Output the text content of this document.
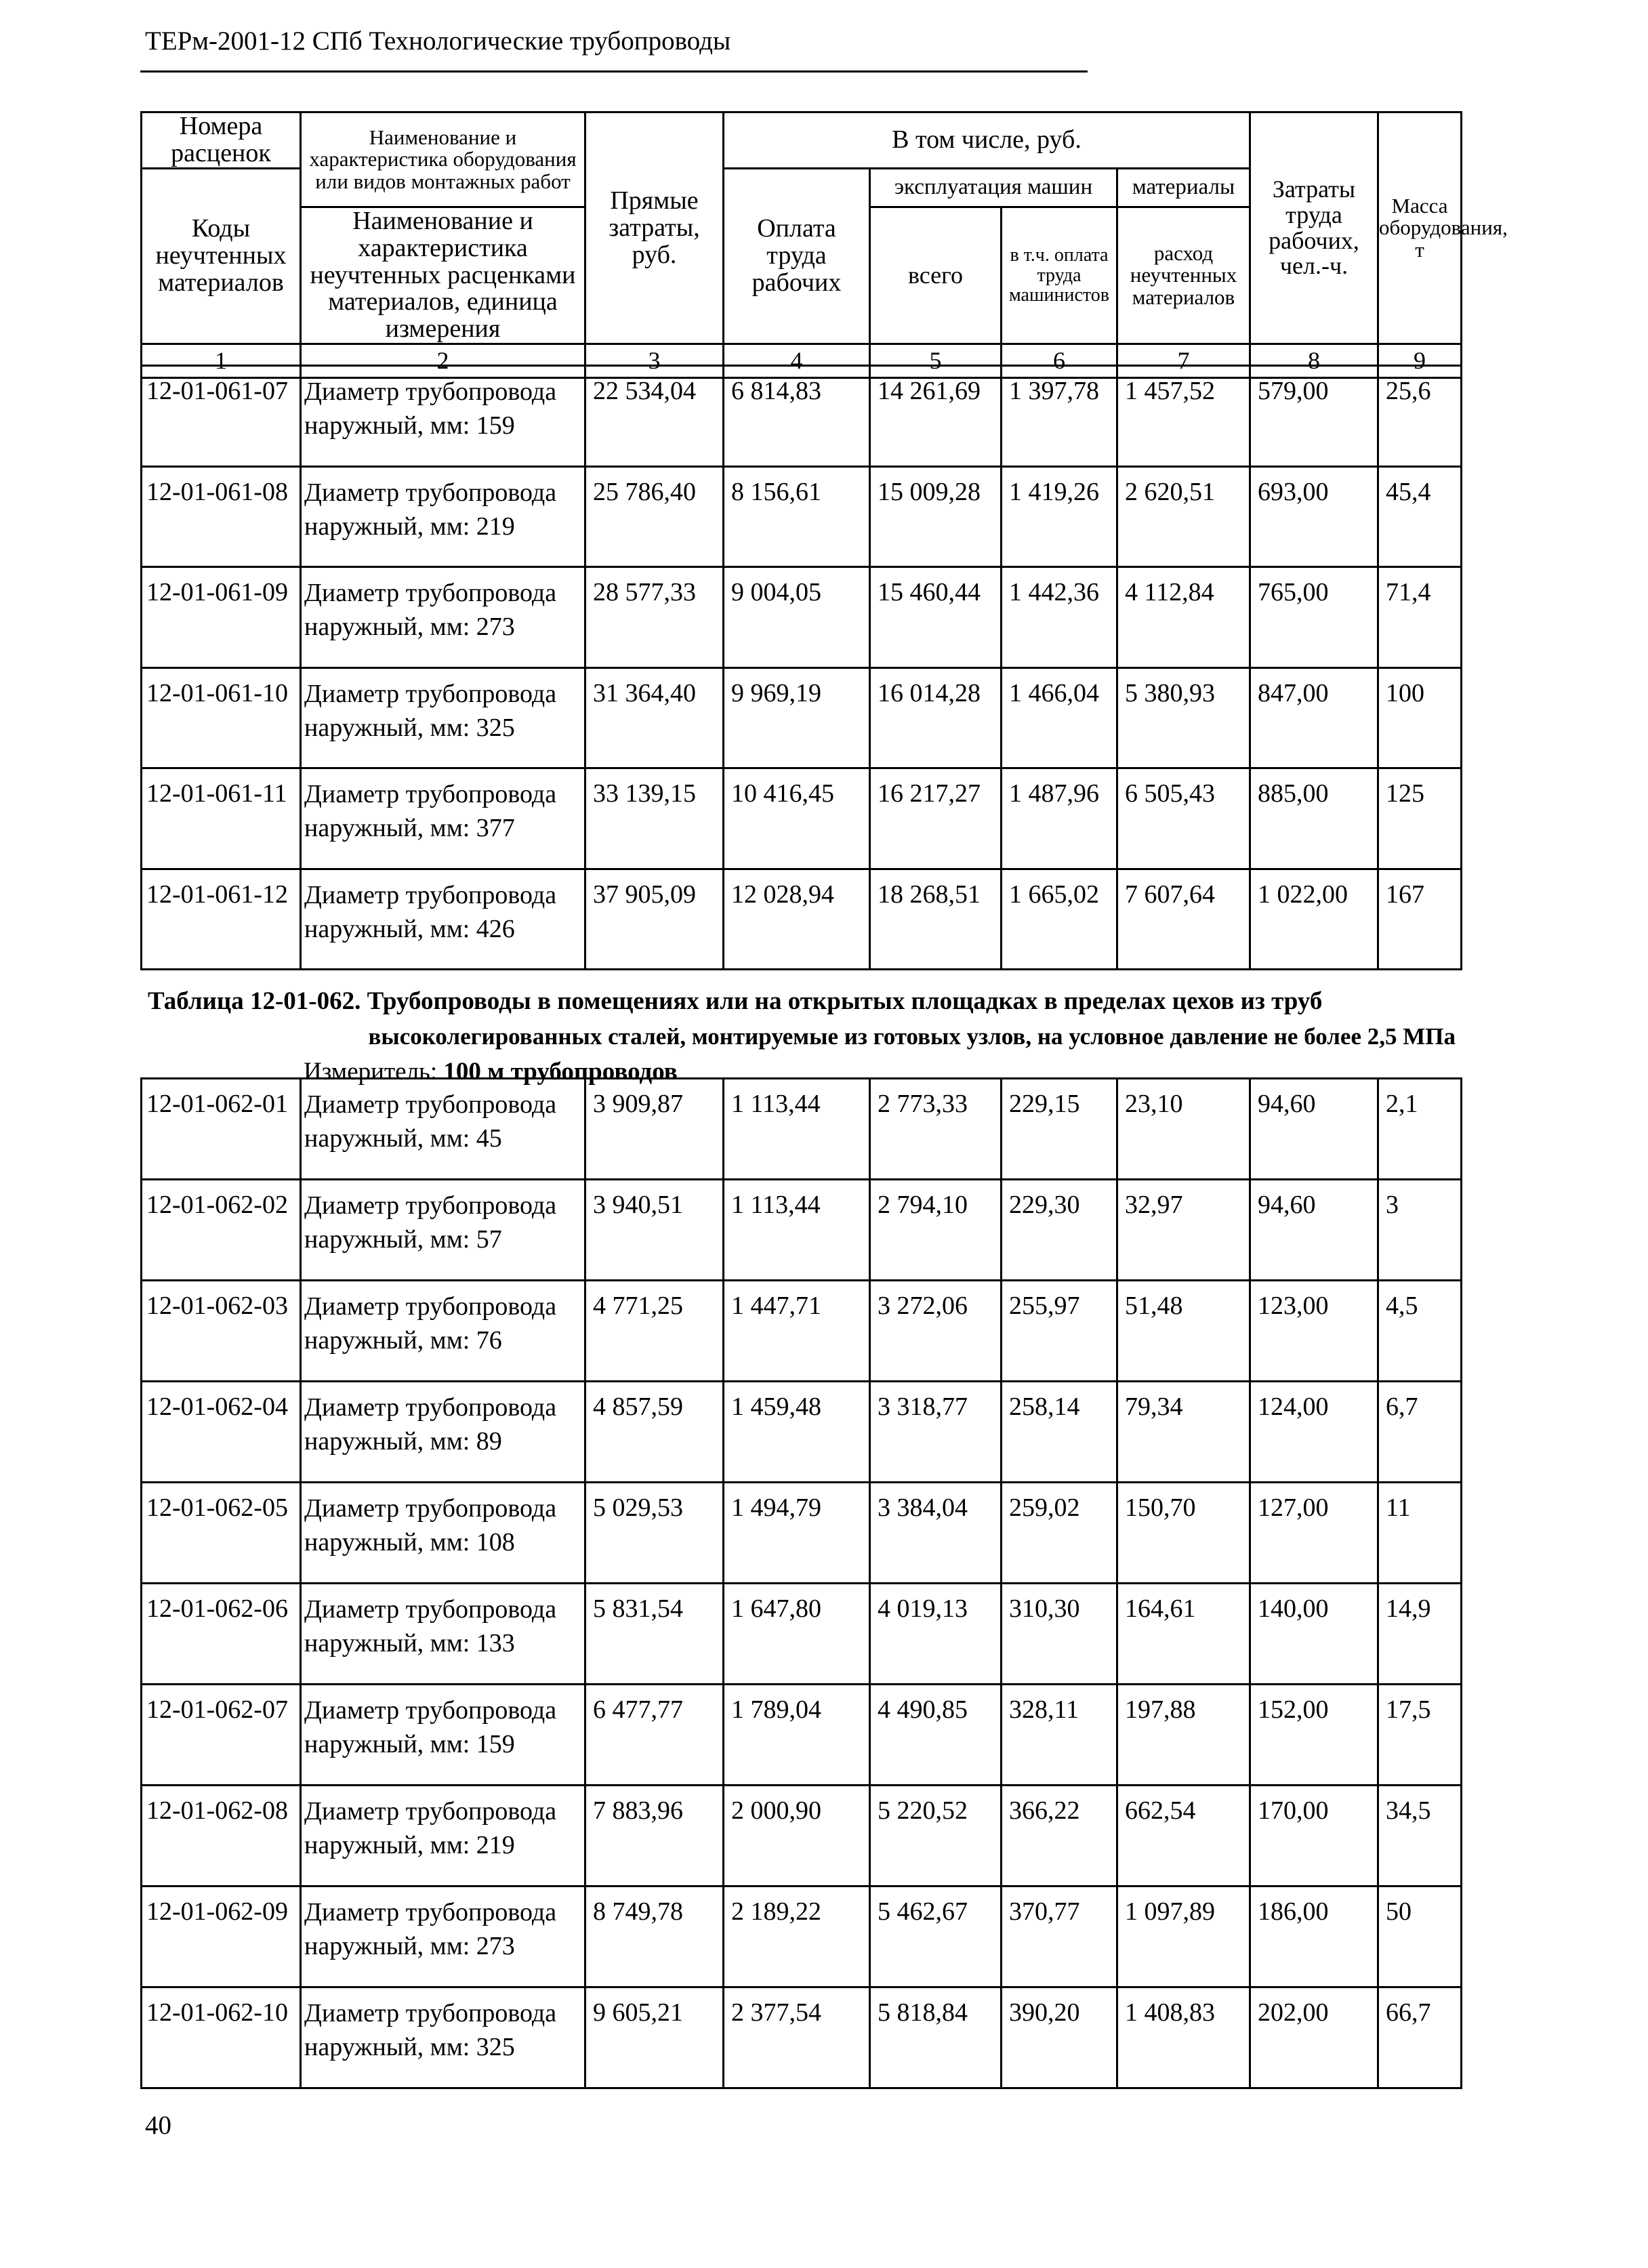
ТЕРм-2001-12 СПб Технологические трубопроводы
Номера расценок	Наименование и характеристика оборудования или видов монтажных работ	Прямые затраты, руб.	В том числе, руб.				Затраты труда рабочих, чел.-ч.	Масса оборудования, т
Коды неучтенных материалов			Оплата труда рабочих	эксплуатация машин		материалы		
	Наименование и характеристика неучтенных расценками материалов, единица измерения			всего	в т.ч. оплата труда машинистов	расход неучтенных материалов		

1	2	3	4	5	6	7	8	9
12-01-061-07	Диаметр трубопровода наружный, мм: 159	22 534,04	6 814,83	14 261,69	1 397,78	1 457,52	579,00	25,6
12-01-061-08	Диаметр трубопровода наружный, мм: 219	25 786,40	8 156,61	15 009,28	1 419,26	2 620,51	693,00	45,4
12-01-061-09	Диаметр трубопровода наружный, мм: 273	28 577,33	9 004,05	15 460,44	1 442,36	4 112,84	765,00	71,4
12-01-061-10	Диаметр трубопровода наружный, мм: 325	31 364,40	9 969,19	16 014,28	1 466,04	5 380,93	847,00	100
12-01-061-11	Диаметр трубопровода наружный, мм: 377	33 139,15	10 416,45	16 217,27	1 487,96	6 505,43	885,00	125
12-01-061-12	Диаметр трубопровода наружный, мм: 426	37 905,09	12 028,94	18 268,51	1 665,02	7 607,64	1 022,00	167
Таблица 12-01-062. Трубопроводы в помещениях или на открытых площадках в пределах цехов из труб
высоколегированных сталей, монтируемые из готовых узлов, на условное давление не более 2,5 МПа
Измеритель: 100 м трубопроводов
12-01-062-01	Диаметр трубопровода наружный, мм: 45	3 909,87	1 113,44	2 773,33	229,15	23,10	94,60	2,1
12-01-062-02	Диаметр трубопровода наружный, мм: 57	3 940,51	1 113,44	2 794,10	229,30	32,97	94,60	3
12-01-062-03	Диаметр трубопровода наружный, мм: 76	4 771,25	1 447,71	3 272,06	255,97	51,48	123,00	4,5
12-01-062-04	Диаметр трубопровода наружный, мм: 89	4 857,59	1 459,48	3 318,77	258,14	79,34	124,00	6,7
12-01-062-05	Диаметр трубопровода наружный, мм: 108	5 029,53	1 494,79	3 384,04	259,02	150,70	127,00	11
12-01-062-06	Диаметр трубопровода наружный, мм: 133	5 831,54	1 647,80	4 019,13	310,30	164,61	140,00	14,9
12-01-062-07	Диаметр трубопровода наружный, мм: 159	6 477,77	1 789,04	4 490,85	328,11	197,88	152,00	17,5
12-01-062-08	Диаметр трубопровода наружный, мм: 219	7 883,96	2 000,90	5 220,52	366,22	662,54	170,00	34,5
12-01-062-09	Диаметр трубопровода наружный, мм: 273	8 749,78	2 189,22	5 462,67	370,77	1 097,89	186,00	50
12-01-062-10	Диаметр трубопровода наружный, мм: 325	9 605,21	2 377,54	5 818,84	390,20	1 408,83	202,00	66,7
40
